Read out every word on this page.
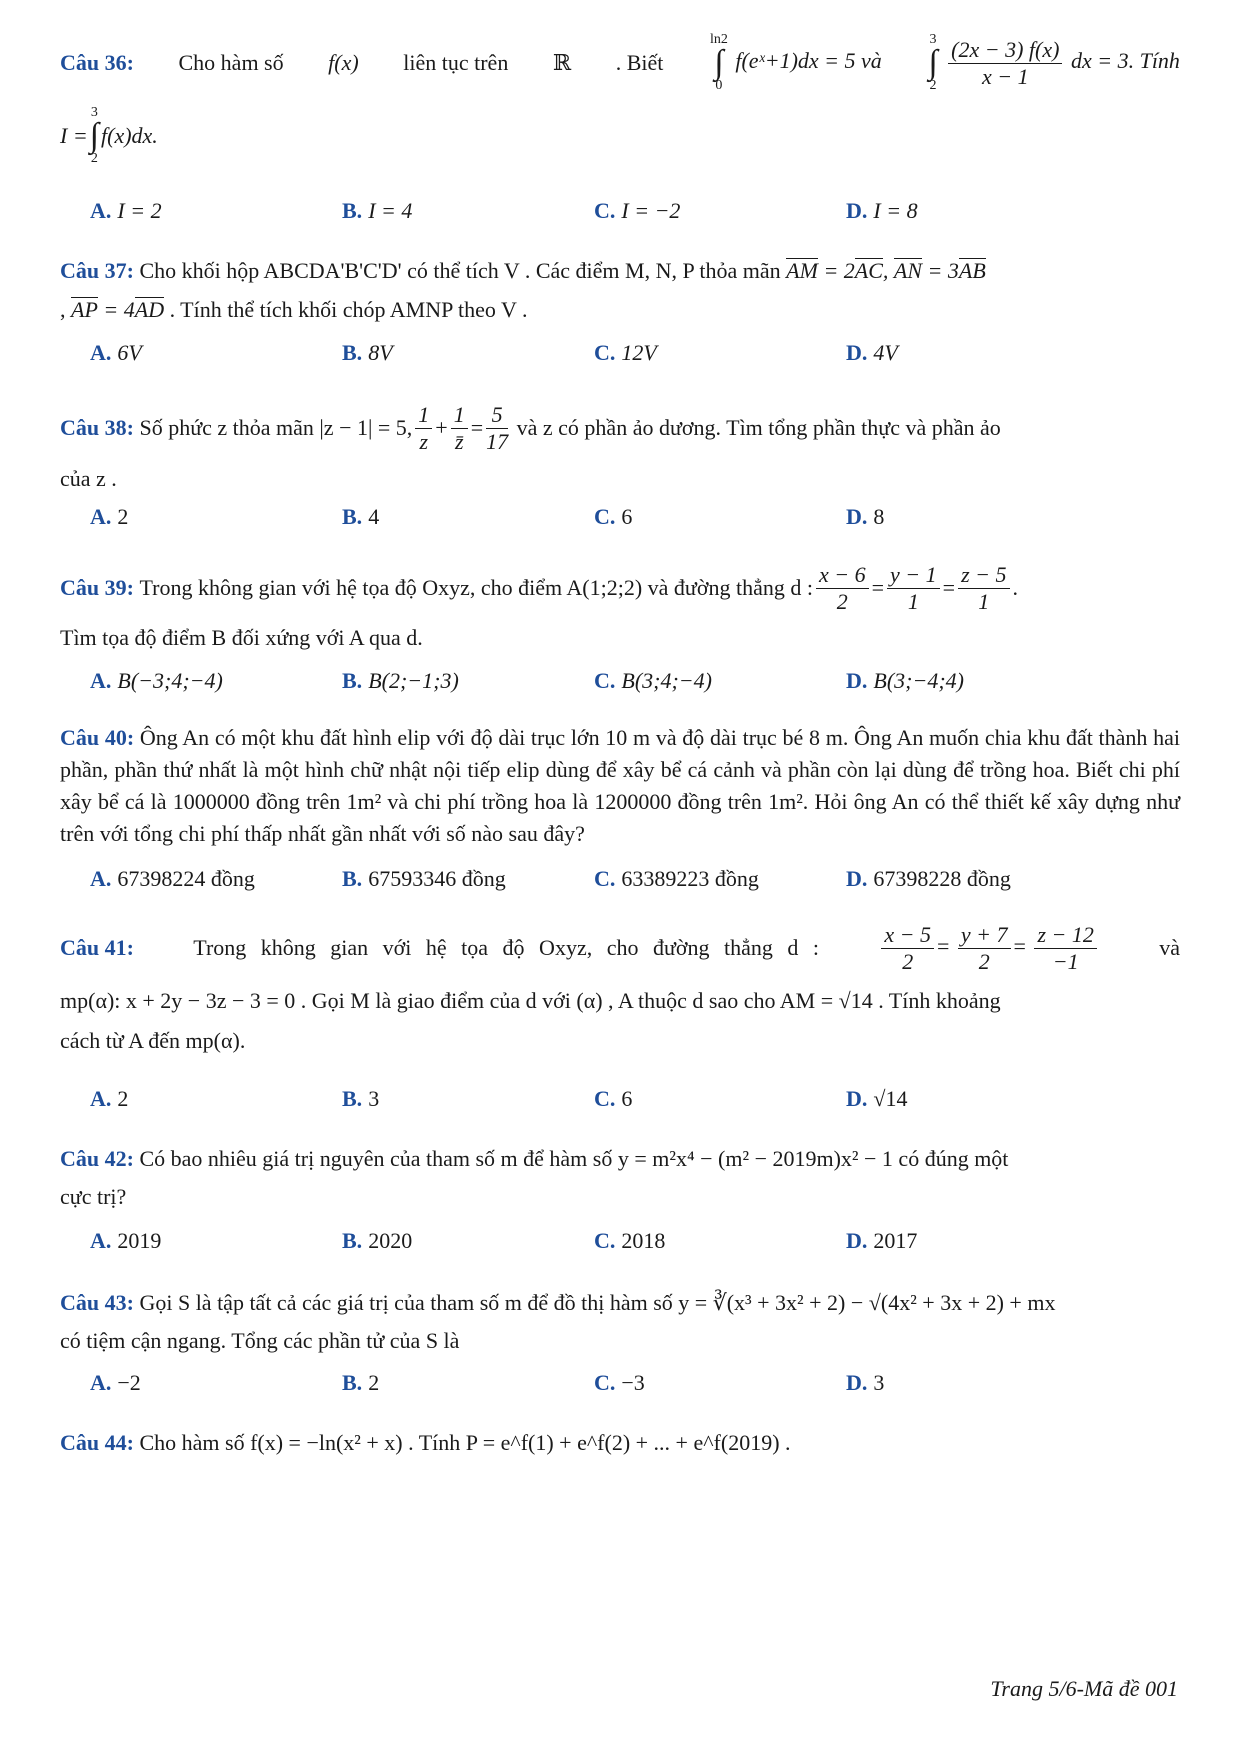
Câu 36: Cho hàm số f(x) liên tục trên ℝ . Biết
ln2
∫
0 f(eˣ+1)dx = 5 và
3
∫
$2 \frac{(2x - 3) f(x)}{x - 1}$ dx = 3. Tính
I =
3
∫
2
f(x)dx.
A. I = 2	B. I = 4	C. I = −2	D. I = 8
Câu 37: Cho khối hộp ABCDA'B'C'D' có thể tích V . Các điểm M, N, P thỏa mãn AM = 2AC, AN = 3AB
, AP = 4AD . Tính thể tích khối chóp AMNP theo V .
A. 6V	B. 8V	C. 12V	D. 4V
Câu 38:
Số phức z thỏa mãn |z − 1| = 5, $\frac{1}{z} + \frac{1}{z̄} = \frac{5}{17}$
và z có phần ảo dương. Tìm tổng phần thực và phần ảo
của z .
A. 2	B. 4	C. 6	D. 8
Câu 39:
Trong không gian với hệ tọa độ Oxyz, cho điểm A(1;2;2) và đường thẳng d : $\frac{x - 6}{2} = \frac{y - 1}{1} = \frac{z - 5}{1}$ .
Tìm tọa độ điểm B đối xứng với A qua d.
A. B(−3;4;−4)	B. B(2;−1;3)	C. B(3;4;−4)	D. B(3;−4;4)
Câu 40: Ông An có một khu đất hình elip với độ dài trục lớn 10 m và độ dài trục bé 8 m. Ông An muốn chia khu đất thành hai phần, phần thứ nhất là một hình chữ nhật nội tiếp elip dùng để xây bể cá cảnh và phần còn lại dùng để trồng hoa. Biết chi phí xây bể cá là 1000000 đồng trên 1m² và chi phí trồng hoa là 1200000 đồng trên 1m². Hỏi ông An có thể thiết kế xây dựng như trên với tổng chi phí thấp nhất gần nhất với số nào sau đây?
A. 67398224 đồng	B. 67593346 đồng	C. 63389223 đồng	D. 67398228 đồng
Câu 41:	Trong không gian với hệ tọa độ Oxyz, cho đường thẳng d :	$\frac{x - 5}{2} = \frac{y + 7}{2} = \frac{z - 12}{-1}$	và
mp(α): x + 2y − 3z − 3 = 0 . Gọi M là giao điểm của d với (α) , A thuộc d sao cho AM = √14 . Tính khoảng
cách từ A đến mp(α).
A. 2	B. 3	C. 6	D. √14
Câu 42: Có bao nhiêu giá trị nguyên của tham số m để hàm số y = m²x⁴ − (m² − 2019m)x² − 1 có đúng một
cực trị?
A. 2019	B. 2020	C. 2018	D. 2017
Câu 43: Gọi S là tập tất cả các giá trị của tham số m để đồ thị hàm số y = ∛(x³ + 3x² + 2) − √(4x² + 3x + 2) + mx
có tiệm cận ngang. Tổng các phần tử của S là
A. −2	B. 2	C. −3	D. 3
Câu 44: Cho hàm số f(x) = −ln(x² + x) . Tính P = e^f(1) + e^f(2) + ... + e^f(2019) .
Trang 5/6-Mã đề 001
